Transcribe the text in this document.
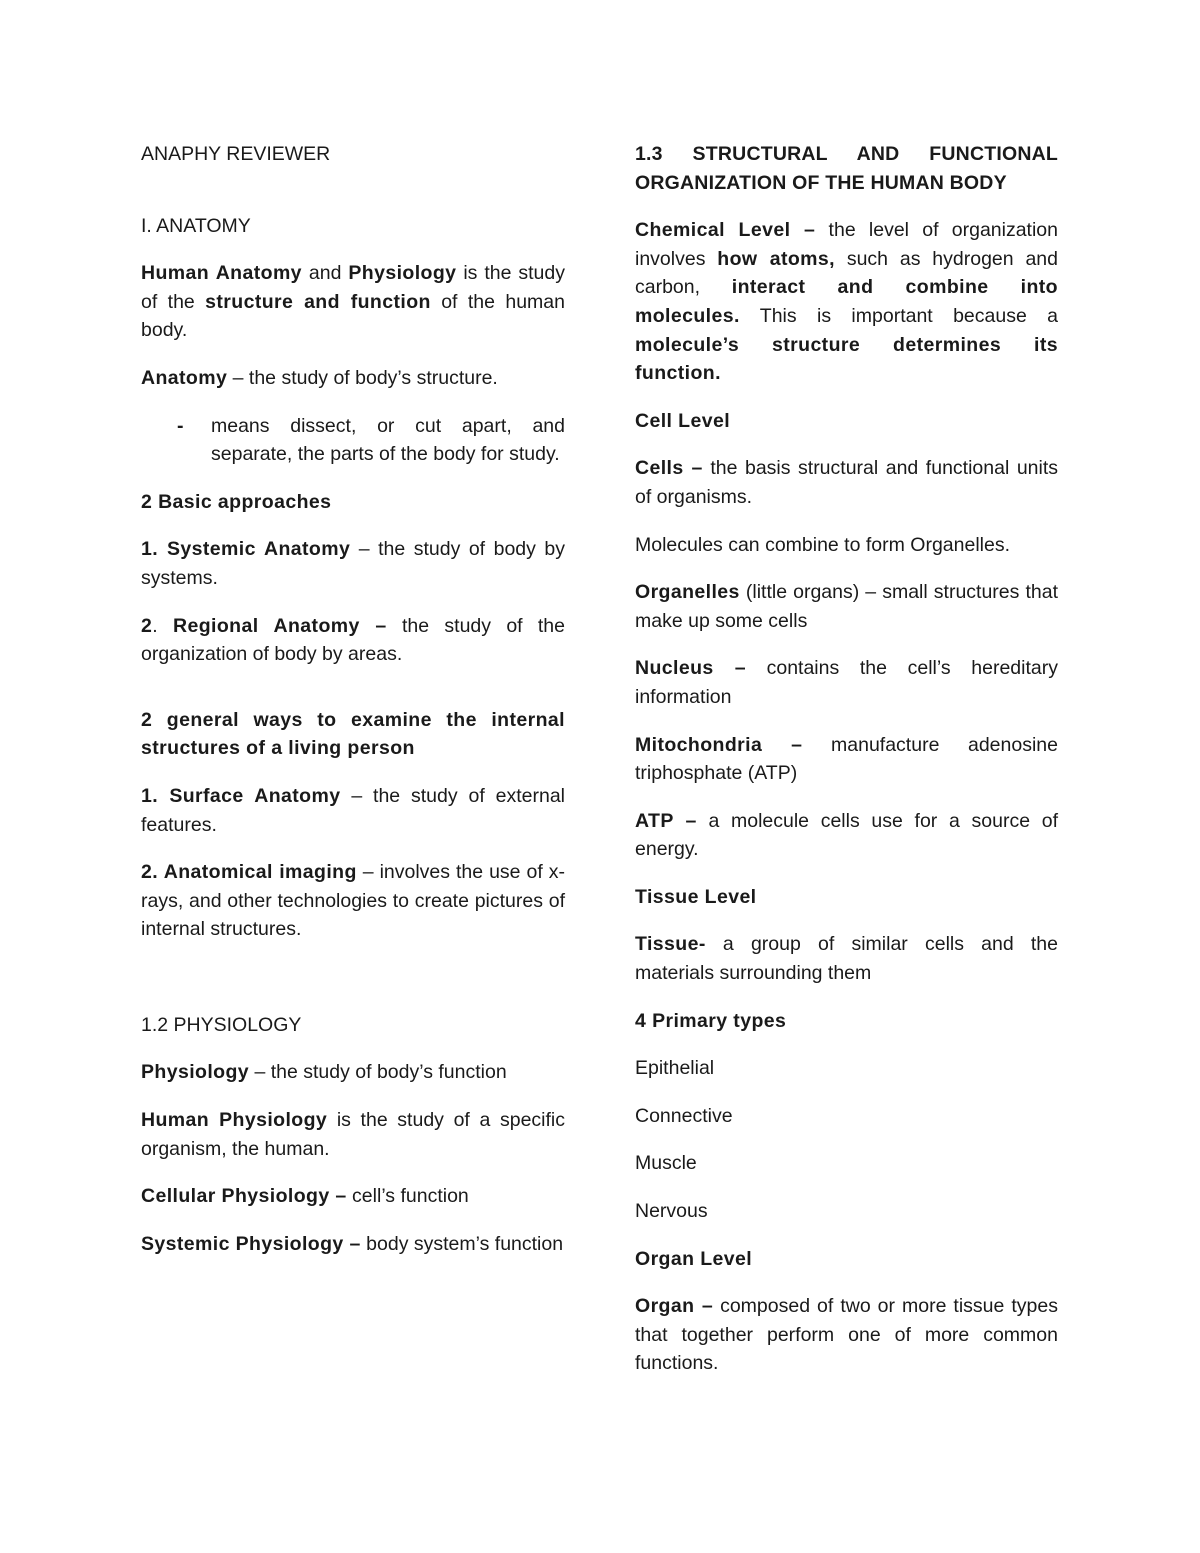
ANAPHY REVIEWER

I. ANATOMY

Human Anatomy and Physiology is the study of the structure and function of the human body.

Anatomy – the study of body’s structure.

-	means dissect, or cut apart, and separate, the parts of the body for study.

2 Basic approaches

1. Systemic Anatomy – the study of body by systems.

2. Regional Anatomy – the study of the organization of body by areas.

2 general ways to examine the internal structures of a living person

1. Surface Anatomy – the study of external features.

2. Anatomical imaging – involves the use of x-rays, and other technologies to create pictures of internal structures.

1.2 PHYSIOLOGY

Physiology – the study of body’s function

Human Physiology is the study of a specific organism, the human.

Cellular Physiology – cell’s function

Systemic Physiology – body system’s function

1.3 STRUCTURAL AND FUNCTIONAL ORGANIZATION OF THE HUMAN BODY

Chemical Level – the level of organization involves how atoms, such as hydrogen and carbon, interact and combine into molecules. This is important because a molecule’s structure determines its function.

Cell Level

Cells – the basis structural and functional units of organisms.

Molecules can combine to form Organelles.

Organelles (little organs) – small structures that make up some cells

Nucleus – contains the cell’s hereditary information

Mitochondria – manufacture adenosine triphosphate (ATP)

ATP – a molecule cells use for a source of energy.

Tissue Level

Tissue- a group of similar cells and the materials surrounding them

4 Primary types

Epithelial

Connective

Muscle

Nervous

Organ Level

Organ – composed of two or more tissue types that together perform one of more common functions.
